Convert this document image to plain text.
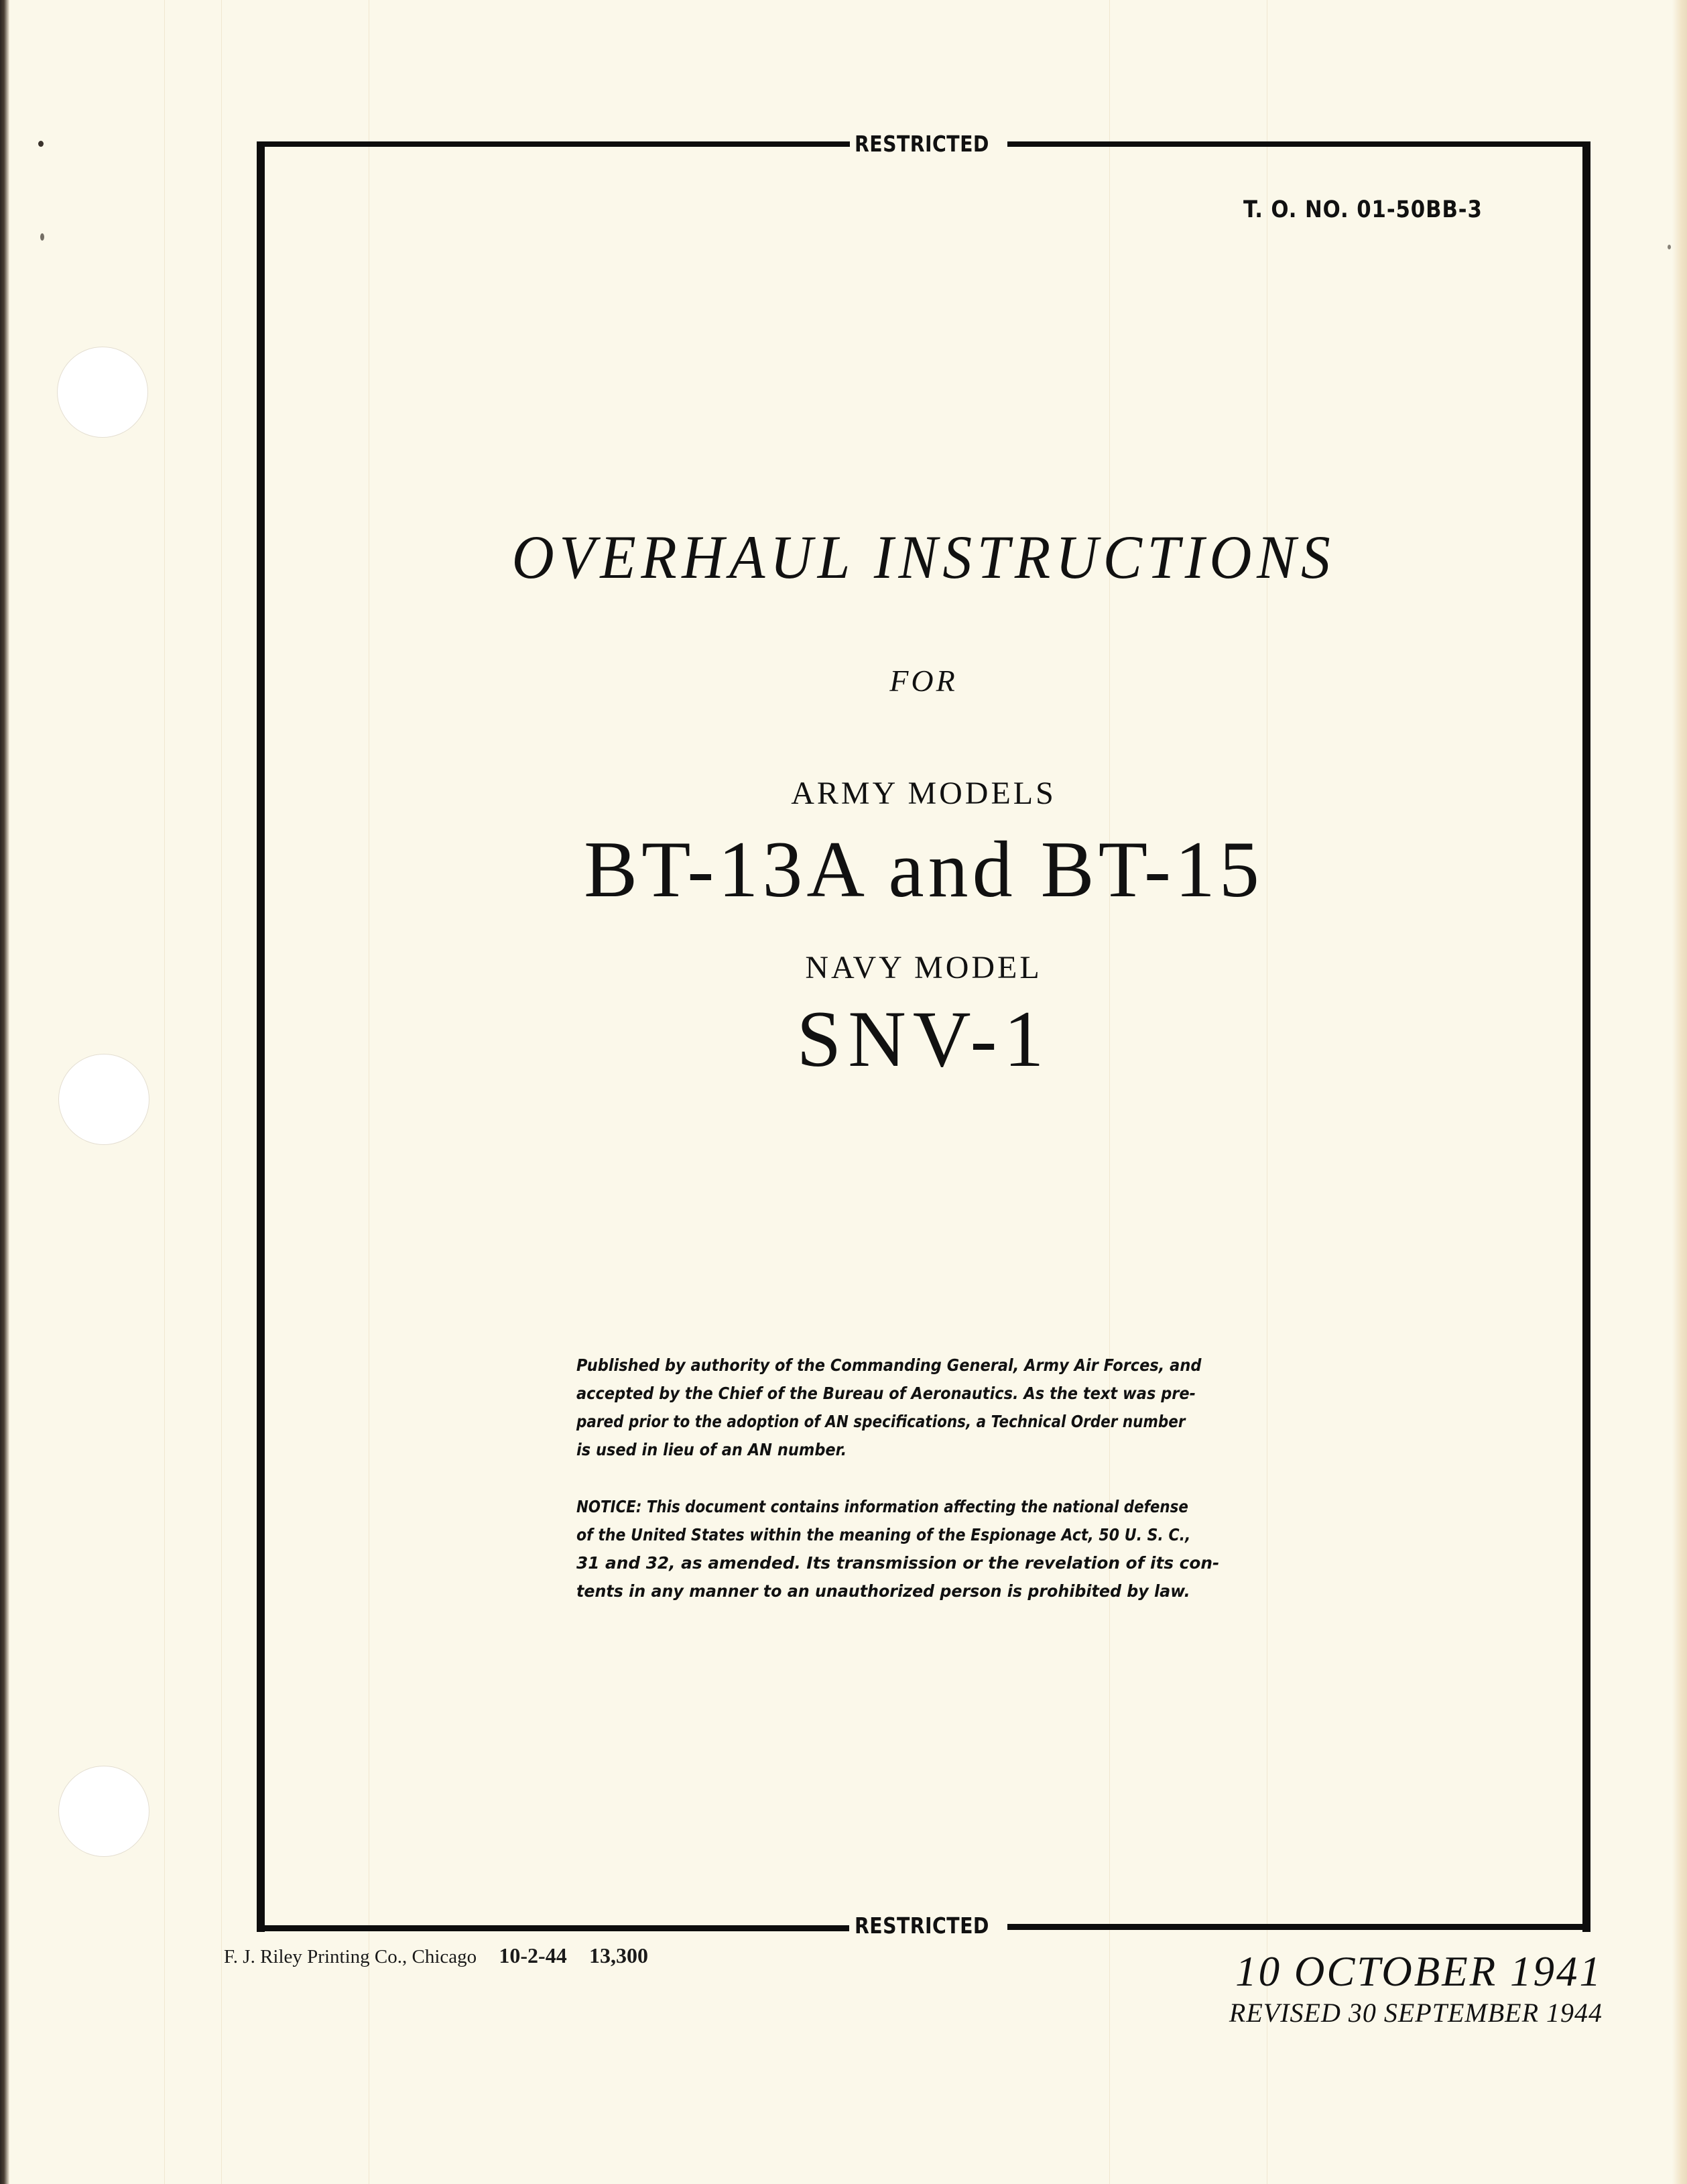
RESTRICTED
RESTRICTED
T. O. NO. 01-50BB-3
OVERHAUL INSTRUCTIONS
FOR
ARMY MODELS
BT-13A and BT-15
NAVY MODEL
SNV-1
Published by authority of the Commanding General, Army Air Forces, and
accepted by the Chief of the Bureau of Aeronautics. As the text was pre-
pared prior to the adoption of AN specifications, a Technical Order number
is used in lieu of an AN number.
NOTICE: This document contains information affecting the national defense
of the United States within the meaning of the Espionage Act, 50 U. S. C.,
31 and 32, as amended. Its transmission or the revelation of its con-
tents in any manner to an unauthorized person is prohibited by law.
F. J. Riley Printing Co., Chicago 10-2-44 13,300	10 OCTOBER 1941
REVISED 30 SEPTEMBER 1944
